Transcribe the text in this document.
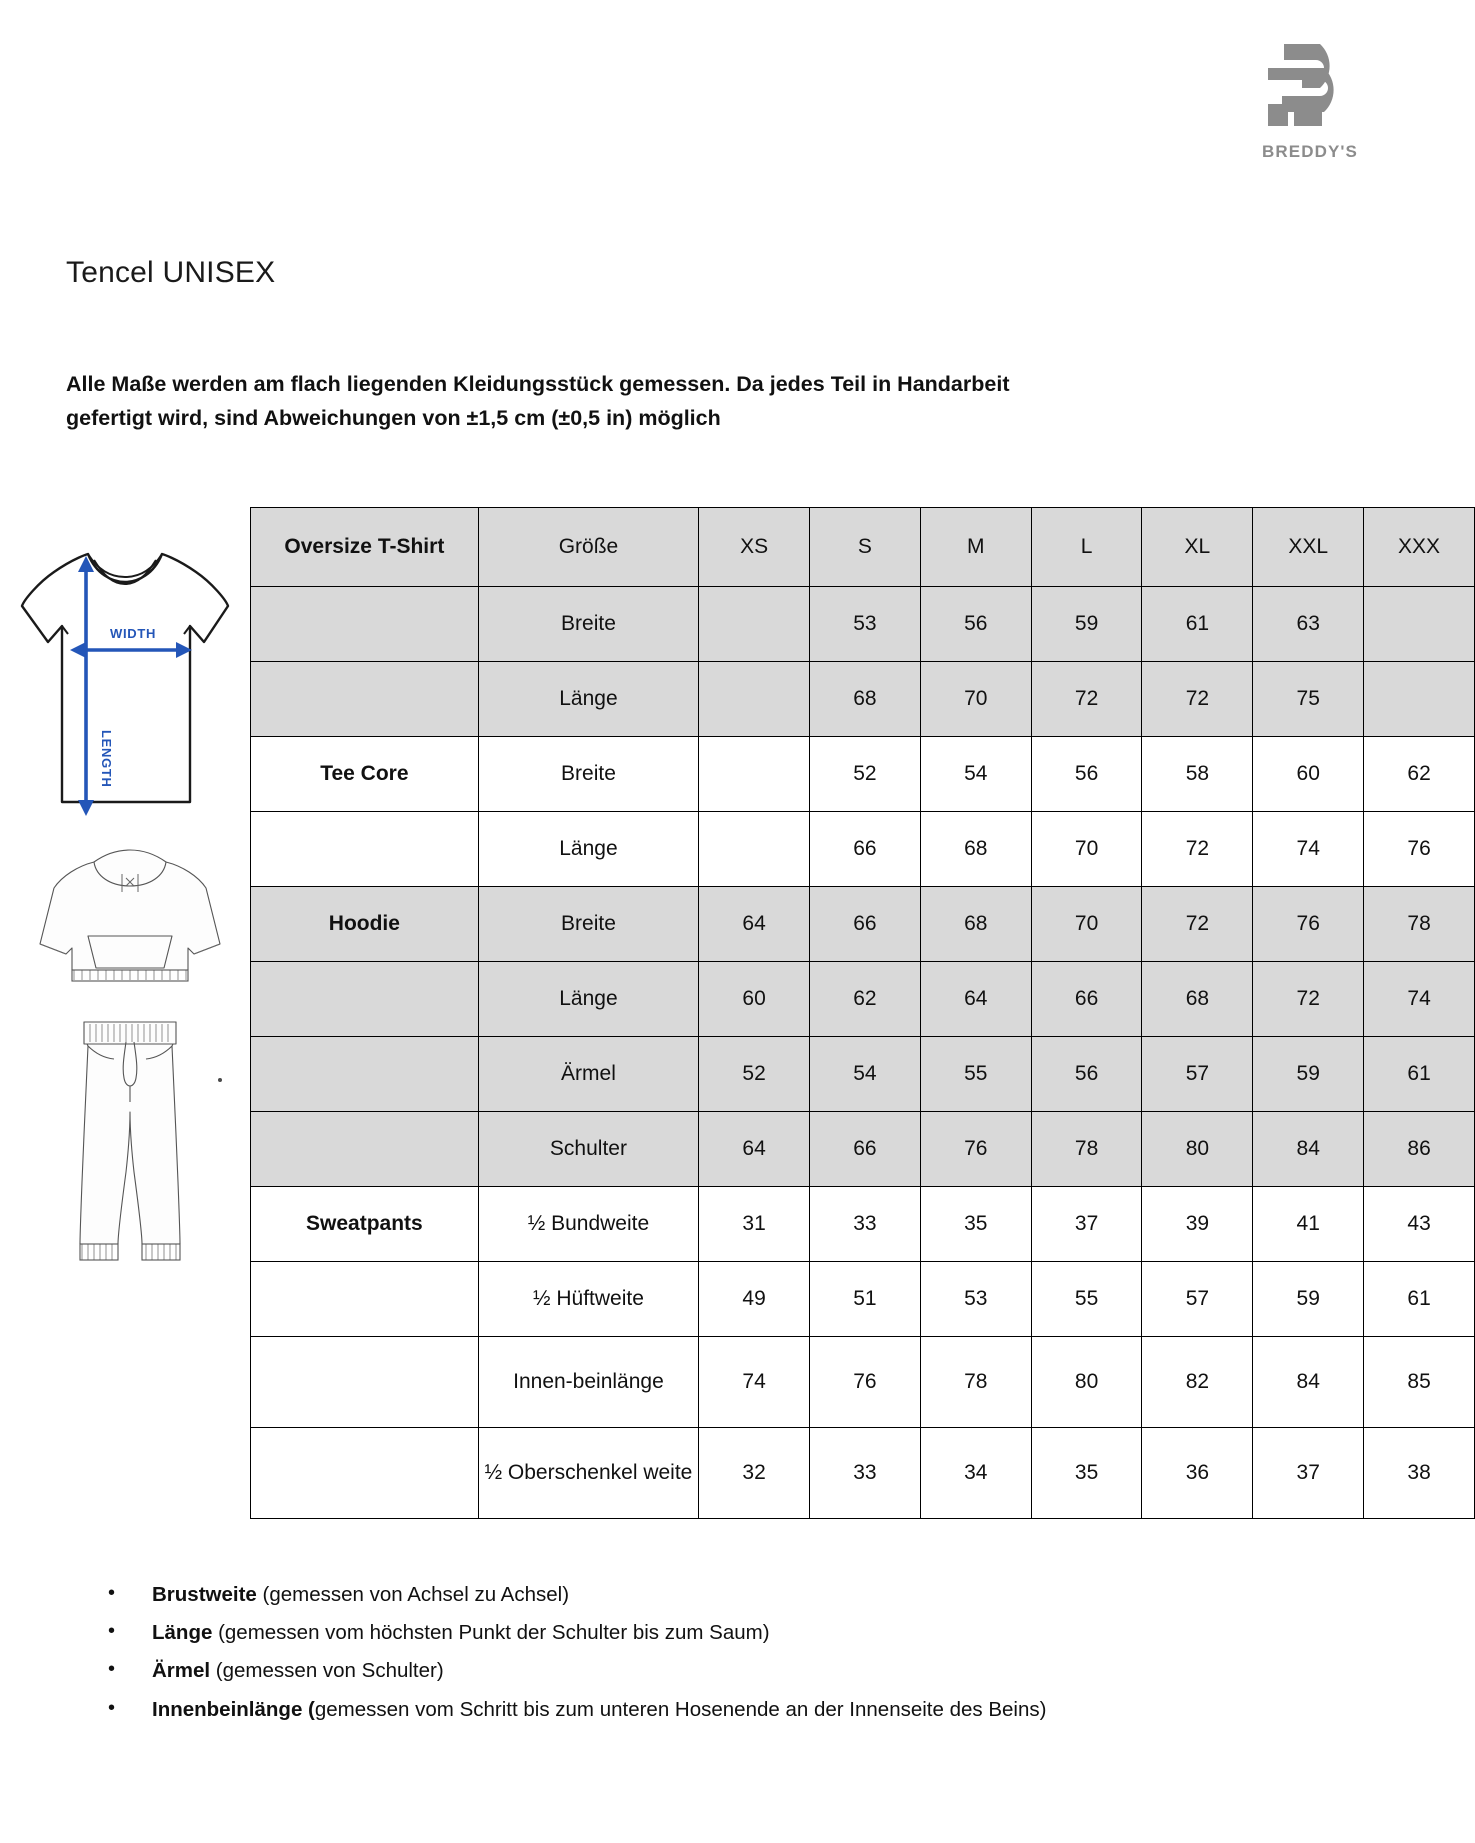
BREDDY'S
Tencel UNISEX

Alle Maße werden am flach liegenden Kleidungsstück gemessen. Da jedes Teil in Handarbeit gefertigt wird, sind Abweichungen von ±1,5 cm (±0,5 in) möglich

WIDTH
LENGTH
Oversize T-Shirt	Größe	XS	S	M	L	XL	XXL	XXX
	Breite		53	56	59	61	63	
	Länge		68	70	72	72	75	
Tee Core	Breite		52	54	56	58	60	62
	Länge		66	68	70	72	74	76
Hoodie	Breite	64	66	68	70	72	76	78
	Länge	60	62	64	66	68	72	74
	Ärmel	52	54	55	56	57	59	61
	Schulter	64	66	76	78	80	84	86
Sweatpants	½ Bundweite	31	33	35	37	39	41	43
	½ Hüftweite	49	51	53	55	57	59	61
	Innen-beinlänge	74	76	78	80	82	84	85
	½ Oberschenkel weite	32	33	34	35	36	37	38
• Brustweite (gemessen von Achsel zu Achsel)
• Länge (gemessen vom höchsten Punkt der Schulter bis zum Saum)
• Ärmel (gemessen von Schulter)
• Innenbeinlänge (gemessen vom Schritt bis zum unteren Hosenende an der Innenseite des Beins)
